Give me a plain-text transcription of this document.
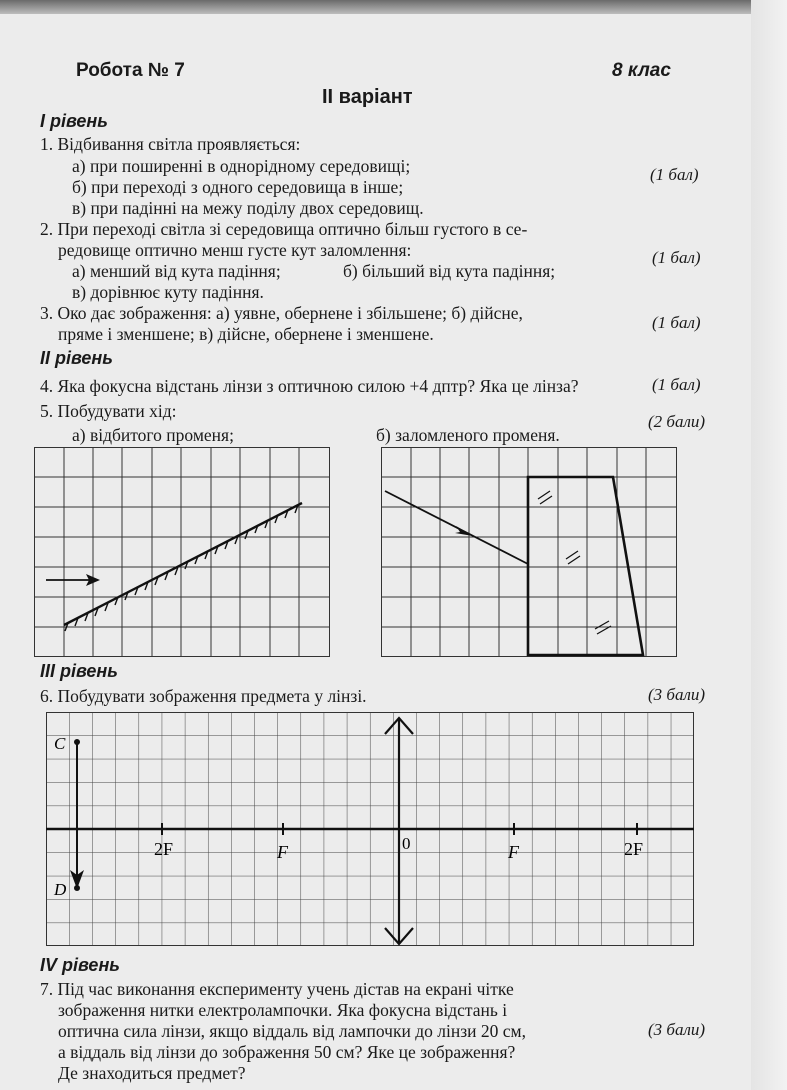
Робота № 7	8 клас
ІІ варіант
І рівень
1. Відбивання світла проявляється:
а) при поширенні в однорідному середовищі;
б) при переході з одного середовища в інше;
(1 бал)
в) при падінні на межу поділу двох середовищ.
2. При переході світла зі середовища оптично більш густого в се-
редовище оптично менш густе кут заломлення:
а) менший від кута падіння;	б) більший від кута падіння;
(1 бал)
в) дорівнює куту падіння.
3. Око дає зображення: а) уявне, обернене і збільшене; б) дійсне,
пряме і зменшене; в) дійсне, обернене і зменшене.
(1 бал)
ІІ рівень
4. Яка фокусна відстань лінзи з оптичною силою +4 дптр? Яка це лінза?	(1 бал)
5. Побудувати хід:
(2 бали)
а) відбитого променя;	б) заломленого променя.
ІІІ рівень
6. Побудувати зображення предмета у лінзі.	(3 бали)
C
D
2F	F	0	F	2F
ІV рівень
7. Під час виконання експерименту учень дістав на екрані чітке
зображення нитки електролампочки. Яка фокусна відстань і
оптична сила лінзи, якщо віддаль від лампочки до лінзи 20 см,	(3 бали)
а віддаль від лінзи до зображення 50 см? Яке це зображення?
Де знаходиться предмет?
